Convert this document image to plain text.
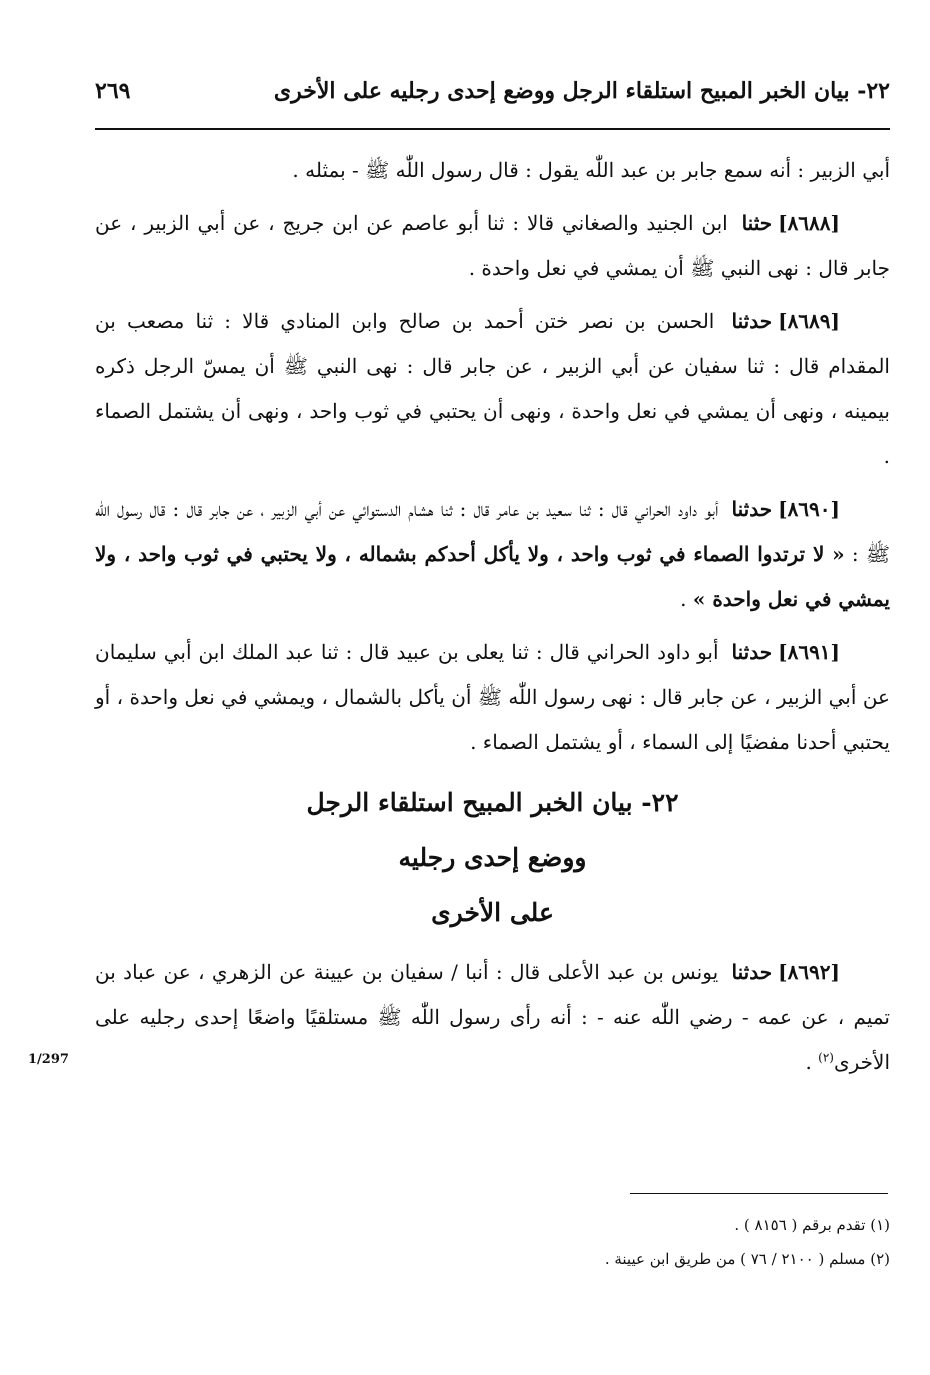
٢٢- بيان الخبر المبيح استلقاء الرجل ووضع إحدى رجليه على الأخرى
٢٦٩

أبي الزبير : أنه سمع جابر بن عبد اللّٰه يقول : قال رسول اللّٰه ﷺ - بمثله .

[٨٦٨٨]حثنا ابن الجنيد والصغاني قالا : ثنا أبو عاصم عن ابن جريج ، عن أبي الزبير ، عن جابر قال : نهى النبي ﷺ أن يمشي في نعل واحدة .

[٨٦٨٩]حدثنا الحسن بن نصر ختن أحمد بن صالح وابن المنادي قالا : ثنا مصعب بن المقدام قال : ثنا سفيان عن أبي الزبير ، عن جابر قال : نهى النبي ﷺ أن يمسّ الرجل ذكره بيمينه ، ونهى أن يمشي في نعل واحدة ، ونهى أن يحتبي في ثوب واحد ، ونهى أن يشتمل الصماء .

[٨٦٩٠]حدثنا أبو داود الحراني قال : ثنا سعيد بن عامر قال : ثنا هشام الدستوائي عن أبي الزبير ، عن جابر قال : قال رسول اللّٰه ﷺ : « لا ترتدوا الصماء في ثوب واحد ، ولا يأكل أحدكم بشماله ، ولا يحتبي في ثوب واحد ، ولا يمشي في نعل واحدة » .

[٨٦٩١]حدثنا أبو داود الحراني قال : ثنا يعلى بن عبيد قال : ثنا عبد الملك ابن أبي سليمان عن أبي الزبير ، عن جابر قال : نهى رسول اللّٰه ﷺ أن يأكل بالشمال ، ويمشي في نعل واحدة ، أو يحتبي أحدنا مفضيًا إلى السماء ، أو يشتمل الصماء .

٢٢- بيان الخبر المبيح استلقاء الرجل
ووضع إحدى رجليه
على الأخرى

[٨٦٩٢]حدثنا يونس بن عبد الأعلى قال : أنبا / سفيان بن عيينة عن الزهري ، عن عباد بن تميم ، عن عمه - رضي اللّٰه عنه - : أنه رأى رسول اللّٰه ﷺ مستلقيًا واضعًا إحدى رجليه على الأخرى$^{(٢)}$ .

1/297

(١) تقدم برقم ( ٨١٥٦ ) .

(٢) مسلم ( ٢١٠٠ / ٧٦ ) من طريق ابن عيينة .
